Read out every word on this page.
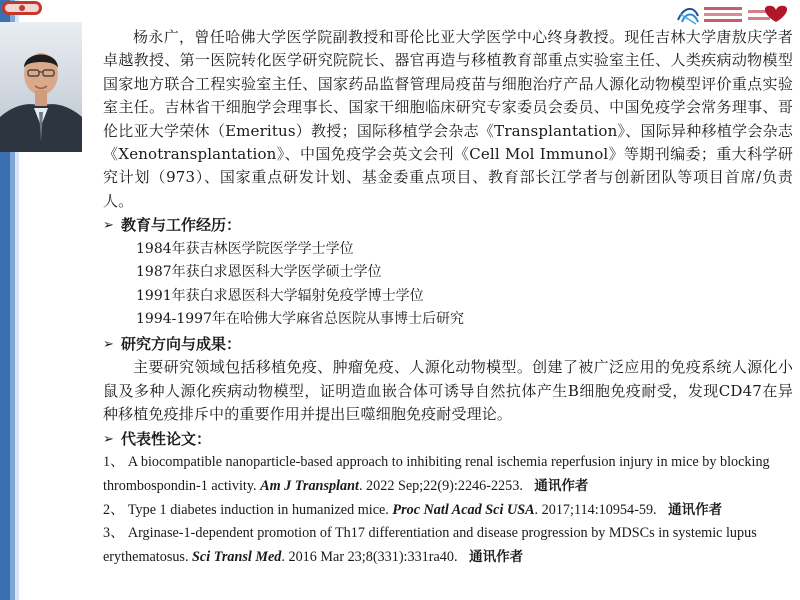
杨永广，曾任哈佛大学医学院副教授和哥伦比亚大学医学中心终身教授。现任吉林大学唐敖庆学者卓越教授、第一医院转化医学研究院院长、器官再造与移植教育部重点实验室主任、人类疾病动物模型国家地方联合工程实验室主任、国家药品监督管理局疫苗与细胞治疗产品人源化动物模型评价重点实验室主任。吉林省干细胞学会理事长、国家干细胞临床研究专家委员会委员、中国免疫学会常务理事、哥伦比亚大学荣休（Emeritus）教授；国际移植学会杂志《Transplantation》、国际异种移植学会杂志《Xenotransplantation》、中国免疫学会英文会刊《Cell Mol Immunol》等期刊编委；重大科学研究计划（973）、国家重点研发计划、基金委重点项目、教育部长江学者与创新团队等项目首席/负责人。

➢ 教育与工作经历：
1984年获吉林医学院医学学士学位
1987年获白求恩医科大学医学硕士学位
1991年获白求恩医科大学辐射免疫学博士学位
1994-1997年在哈佛大学麻省总医院从事博士后研究
➢ 研究方向与成果：

主要研究领域包括移植免疫、肿瘤免疫、人源化动物模型。创建了被广泛应用的免疫系统人源化小鼠及多种人源化疾病动物模型，证明造血嵌合体可诱导自然抗体产生B细胞免疫耐受，发现CD47在异种移植免疫排斥中的重要作用并提出巨噬细胞免疫耐受理论。

➢ 代表性论文：
1、 A biocompatible nanoparticle-based approach to inhibiting renal ischemia reperfusion injury in mice by blocking thrombospondin-1 activity. Am J Transplant. 2022 Sep;22(9):2246-2253. 通讯作者
2、 Type 1 diabetes induction in humanized mice. Proc Natl Acad Sci USA. 2017;114:10954-59. 通讯作者
3、 Arginase-1-dependent promotion of Th17 differentiation and disease progression by MDSCs in systemic lupus erythematosus. Sci Transl Med. 2016 Mar 23;8(331):331ra40. 通讯作者
